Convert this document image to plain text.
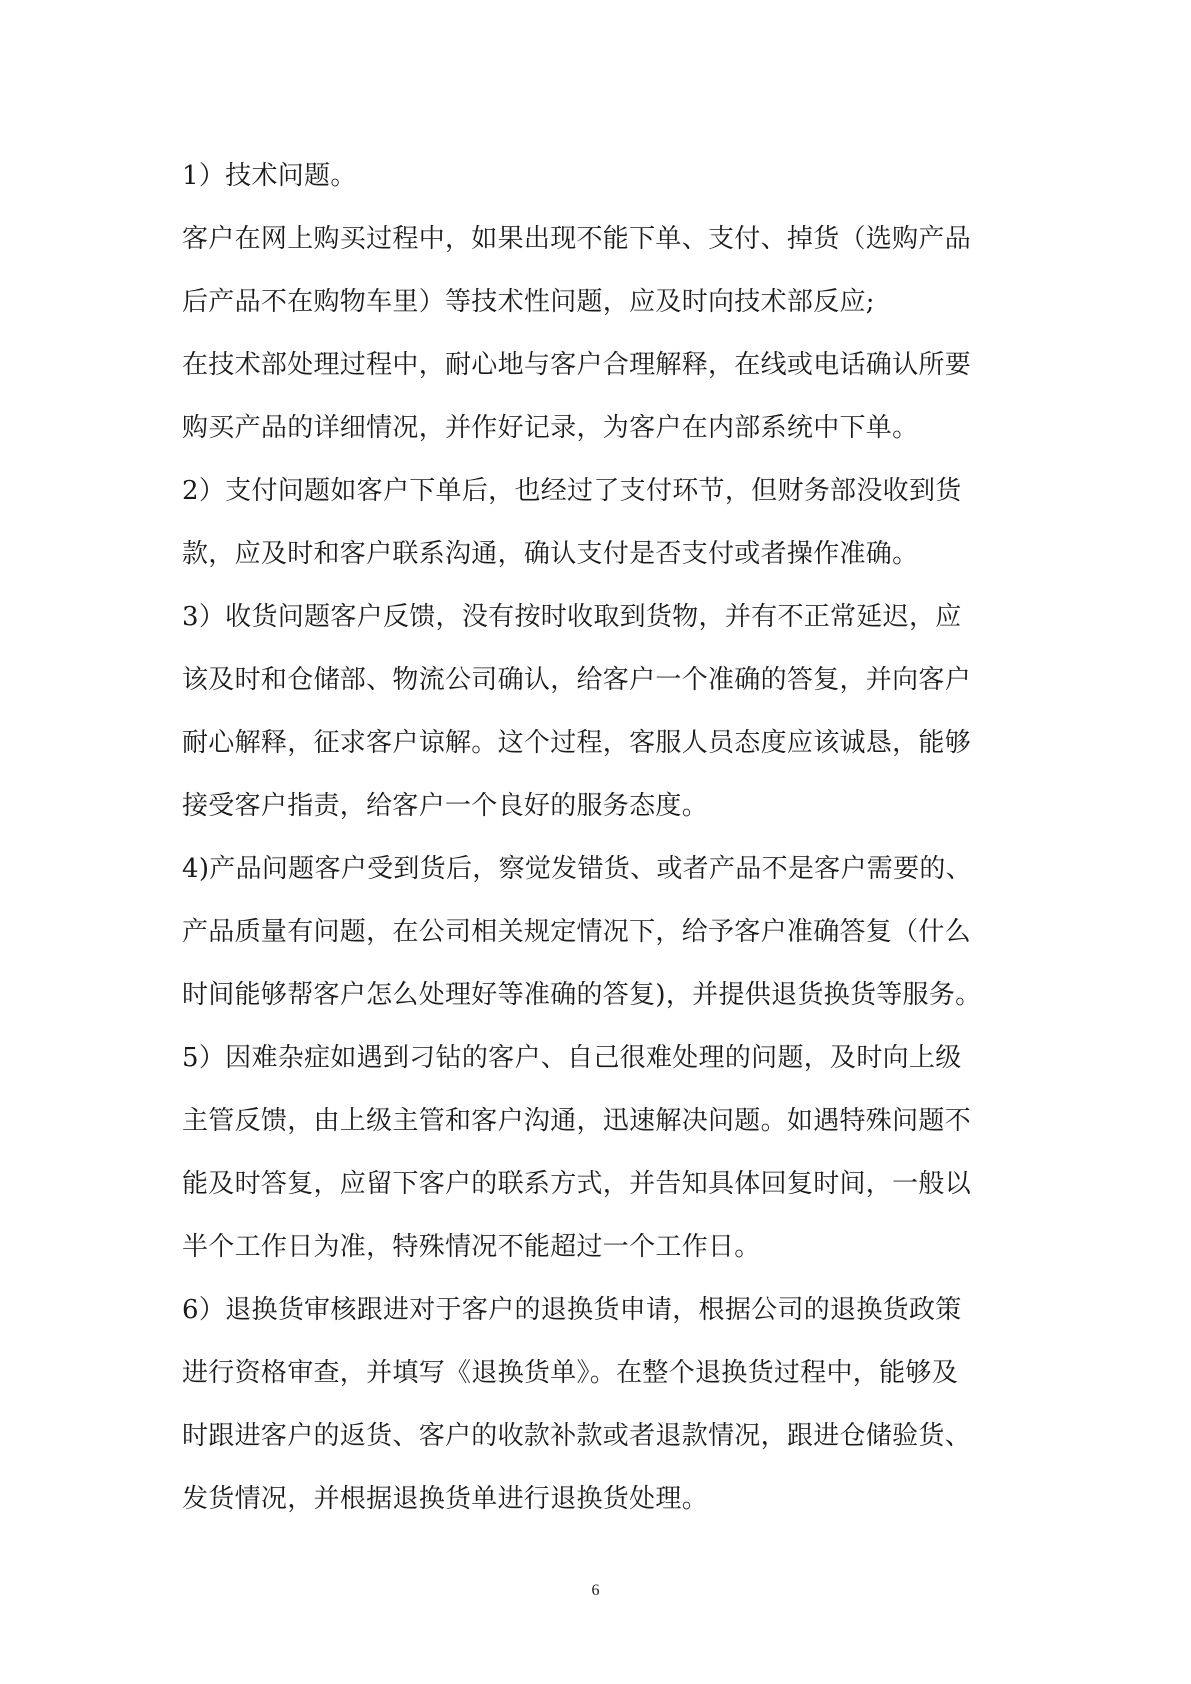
1）技术问题。
客户在网上购买过程中，如果出现不能下单、支付、掉货（选购产品
后产品不在购物车里）等技术性问题，应及时向技术部反应;
在技术部处理过程中，耐心地与客户合理解释，在线或电话确认所要
购买产品的详细情况，并作好记录，为客户在内部系统中下单。
2）支付问题如客户下单后，也经过了支付环节，但财务部没收到货
款，应及时和客户联系沟通，确认支付是否支付或者操作准确。
3）收货问题客户反馈，没有按时收取到货物，并有不正常延迟，应
该及时和仓储部、物流公司确认，给客户一个准确的答复，并向客户
耐心解释，征求客户谅解。这个过程，客服人员态度应该诚恳，能够
接受客户指责，给客户一个良好的服务态度。
4)产品问题客户受到货后，察觉发错货、或者产品不是客户需要的、
产品质量有问题，在公司相关规定情况下，给予客户准确答复（什么
时间能够帮客户怎么处理好等准确的答复)，并提供退货换货等服务。
5）因难杂症如遇到刁钻的客户、自己很难处理的问题，及时向上级
主管反馈，由上级主管和客户沟通，迅速解决问题。如遇特殊问题不
能及时答复，应留下客户的联系方式，并告知具体回复时间，一般以
半个工作日为准，特殊情况不能超过一个工作日。
6）退换货审核跟进对于客户的退换货申请，根据公司的退换货政策
进行资格审查，并填写《退换货单》。在整个退换货过程中，能够及
时跟进客户的返货、客户的收款补款或者退款情况，跟进仓储验货、
发货情况，并根据退换货单进行退换货处理。
6
